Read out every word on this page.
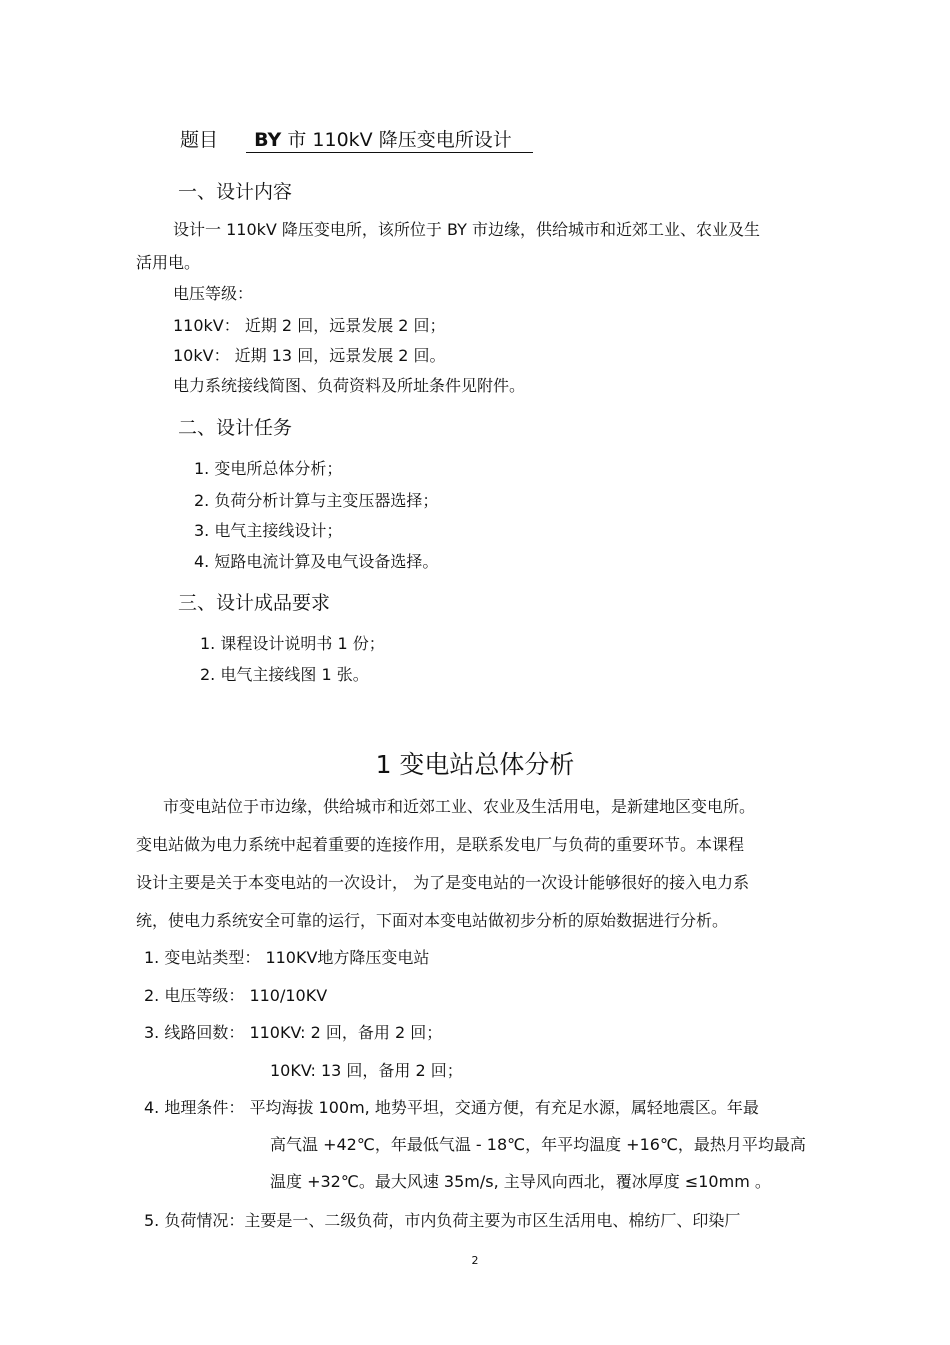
题目 BY 市 110kV 降压变电所设计
一、设计内容
设计一 110kV 降压变电所，该所位于 BY 市边缘，供给城市和近郊工业、农业及生
活用电。
电压等级：
110kV： 近期 2 回，远景发展 2 回；
10kV： 近期 13 回，远景发展 2 回。
电力系统接线简图、负荷资料及所址条件见附件。
二、设计任务
1. 变电所总体分析；
2. 负荷分析计算与主变压器选择；
3. 电气主接线设计；
4. 短路电流计算及电气设备选择。
三、设计成品要求
1. 课程设计说明书 1 份；
2. 电气主接线图 1 张。
1 变电站总体分析
市变电站位于市边缘，供给城市和近郊工业、农业及生活用电，是新建地区变电所。
变电站做为电力系统中起着重要的连接作用，是联系发电厂与负荷的重要环节。本课程
设计主要是关于本变电站的一次设计， 为了是变电站的一次设计能够很好的接入电力系
统，使电力系统安全可靠的运行，下面对本变电站做初步分析的原始数据进行分析。
1. 变电站类型： 110KV地方降压变电站
2. 电压等级： 110/10KV
3. 线路回数： 110KV: 2 回，备用 2 回；
10KV: 13 回，备用 2 回；
4. 地理条件： 平均海拔 100m, 地势平坦，交通方便，有充足水源，属轻地震区。年最
高气温 +42℃，年最低气温 - 18℃，年平均温度 +16℃，最热月平均最高
温度 +32℃。最大风速 35m/s, 主导风向西北，覆冰厚度 ≤10mm 。
5. 负荷情况：主要是一、二级负荷，市内负荷主要为市区生活用电、棉纺厂、印染厂
2
